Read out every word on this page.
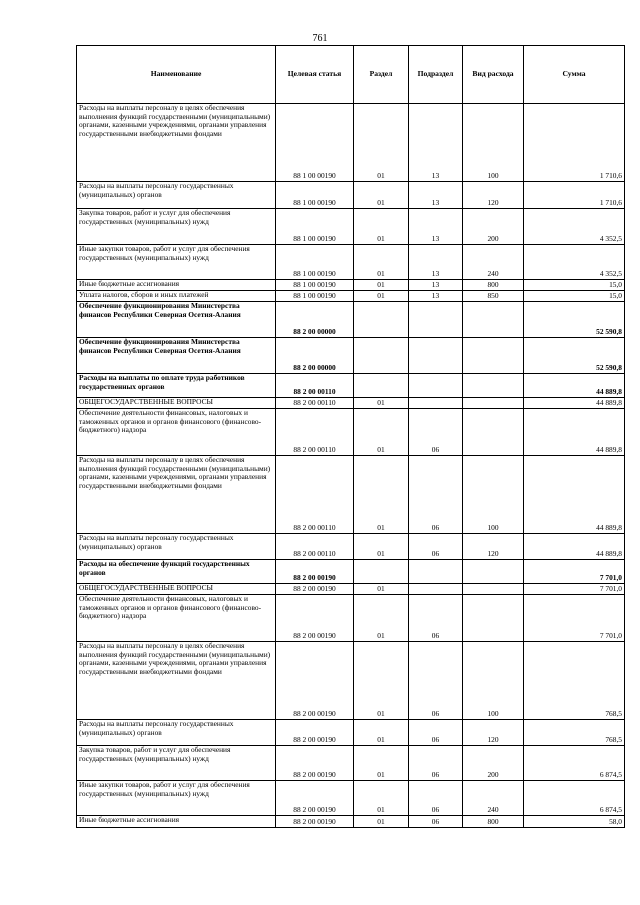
761
Наименование	Целевая статья	Раздел	Подраздел	Вид расхода	Сумма
Расходы на выплаты персоналу в целях обеспечения выполнения функций государственными (муниципальными) органами, казенными учреждениями, органами управления государственными внебюджетными фондами	88 1 00 00190	01	13	100	1 710,6
Расходы на выплаты персоналу государственных (муниципальных) органов	88 1 00 00190	01	13	120	1 710,6
Закупка товаров, работ и услуг для обеспечения государственных (муниципальных) нужд	88 1 00 00190	01	13	200	4 352,5
Иные закупки товаров, работ и услуг для обеспечения государственных (муниципальных) нужд	88 1 00 00190	01	13	240	4 352,5
Иные бюджетные ассигнования	88 1 00 00190	01	13	800	15,0
Уплата налогов, сборов и иных платежей	88 1 00 00190	01	13	850	15,0
Обеспечение функционирования Министерства финансов Республики Северная Осетия-Алания	88 2 00 00000				52 590,8
Обеспечение функционирования Министерства финансов Республики Северная Осетия-Алания	88 2 00 00000				52 590,8
Расходы на выплаты по оплате труда работников государственных органов	88 2 00 00110				44 889,8
ОБЩЕГОСУДАРСТВЕННЫЕ ВОПРОСЫ	88 2 00 00110	01			44 889,8
Обеспечение деятельности финансовых, налоговых и таможенных органов и органов финансового (финансово-бюджетного) надзора	88 2 00 00110	01	06		44 889,8
Расходы на выплаты персоналу в целях обеспечения выполнения функций государственными (муниципальными) органами, казенными учреждениями, органами управления государственными внебюджетными фондами	88 2 00 00110	01	06	100	44 889,8
Расходы на выплаты персоналу государственных (муниципальных) органов	88 2 00 00110	01	06	120	44 889,8
Расходы на обеспечение функций государственных органов	88 2 00 00190				7 701,0
ОБЩЕГОСУДАРСТВЕННЫЕ ВОПРОСЫ	88 2 00 00190	01			7 701,0
Обеспечение деятельности финансовых, налоговых и таможенных органов и органов финансового (финансово-бюджетного) надзора	88 2 00 00190	01	06		7 701,0
Расходы на выплаты персоналу в целях обеспечения выполнения функций государственными (муниципальными) органами, казенными учреждениями, органами управления государственными внебюджетными фондами	88 2 00 00190	01	06	100	768,5
Расходы на выплаты персоналу государственных (муниципальных) органов	88 2 00 00190	01	06	120	768,5
Закупка товаров, работ и услуг для обеспечения государственных (муниципальных) нужд	88 2 00 00190	01	06	200	6 874,5
Иные закупки товаров, работ и услуг для обеспечения государственных (муниципальных) нужд	88 2 00 00190	01	06	240	6 874,5
Иные бюджетные ассигнования	88 2 00 00190	01	06	800	58,0
